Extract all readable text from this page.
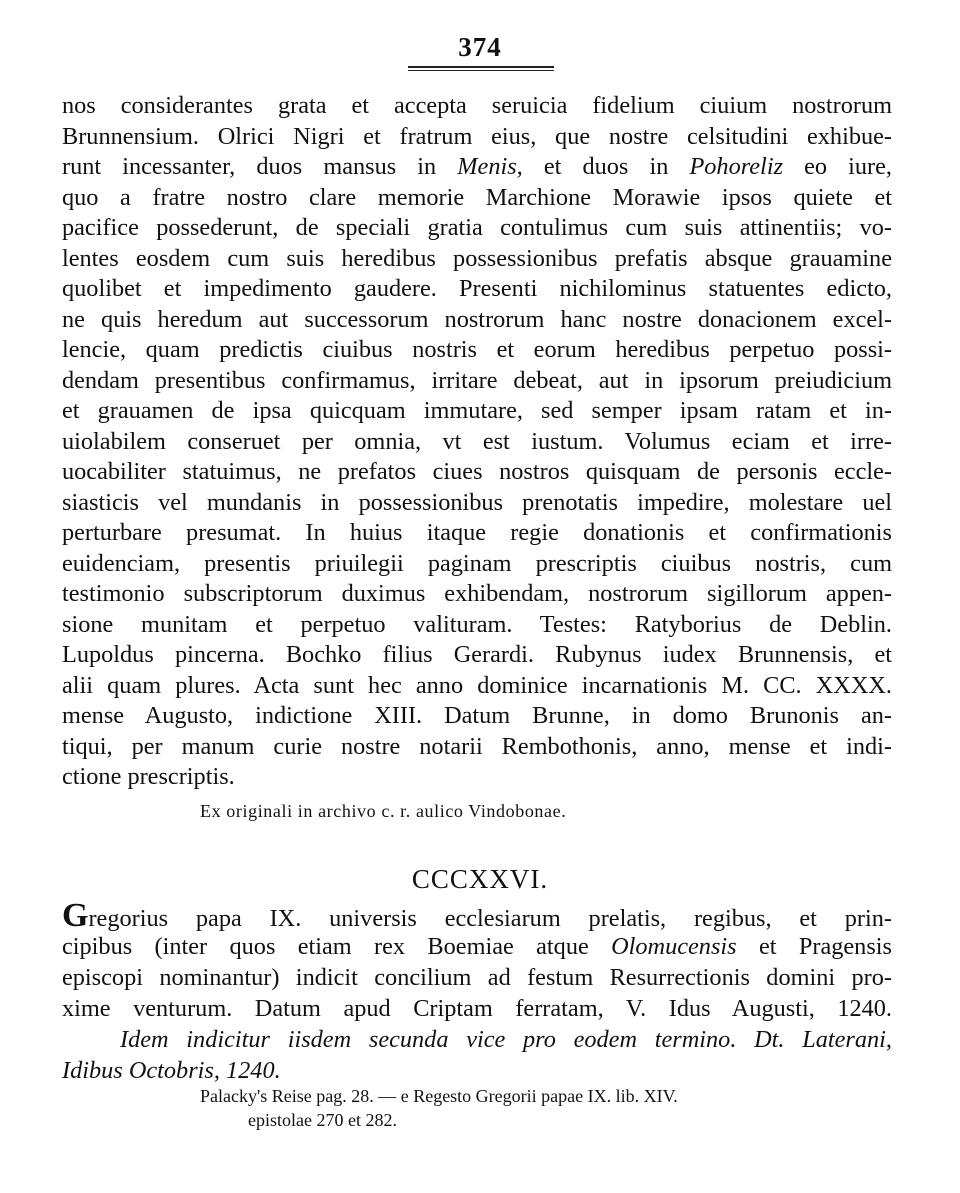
374
nos considerantes grata et accepta seruicia fidelium ciuium nostrorum
Brunnensium. Olrici Nigri et fratrum eius, que nostre celsitudini exhibue-
runt incessanter, duos mansus in Menis, et duos in Pohoreliz eo iure,
quo a fratre nostro clare memorie Marchione Morawie ipsos quiete et
pacifice possederunt, de speciali gratia contulimus cum suis attinentiis; vo-
lentes eosdem cum suis heredibus possessionibus prefatis absque grauamine
quolibet et impedimento gaudere. Presenti nichilominus statuentes edicto,
ne quis heredum aut successorum nostrorum hanc nostre donacionem excel-
lencie, quam predictis ciuibus nostris et eorum heredibus perpetuo possi-
dendam presentibus confirmamus, irritare debeat, aut in ipsorum preiudicium
et grauamen de ipsa quicquam immutare, sed semper ipsam ratam et in-
uiolabilem conseruet per omnia, vt est iustum. Volumus eciam et irre-
uocabiliter statuimus, ne prefatos ciues nostros quisquam de personis eccle-
siasticis vel mundanis in possessionibus prenotatis impedire, molestare uel
perturbare presumat. In huius itaque regie donationis et confirmationis
euidenciam, presentis priuilegii paginam prescriptis ciuibus nostris, cum
testimonio subscriptorum duximus exhibendam, nostrorum sigillorum appen-
sione munitam et perpetuo valituram. Testes: Ratyborius de Deblin.
Lupoldus pincerna. Bochko filius Gerardi. Rubynus iudex Brunnensis, et
alii quam plures. Acta sunt hec anno dominice incarnationis M. CC. XXXX.
mense Augusto, indictione XIII. Datum Brunne, in domo Brunonis an-
tiqui, per manum curie nostre notarii Rembothonis, anno, mense et indi-
ctione prescriptis.
Ex originali in archivo c. r. aulico Vindobonae.
CCCXXVI.
Gregorius papa IX. universis ecclesiarum prelatis, regibus, et prin-
cipibus (inter quos etiam rex Boemiae atque Olomucensis et Pragensis
episcopi nominantur) indicit concilium ad festum Resurrectionis domini pro-
xime venturum. Datum apud Criptam ferratam, V. Idus Augusti, 1240.
Idem indicitur iisdem secunda vice pro eodem termino. Dt. Laterani,
Idibus Octobris, 1240.
Palacky's Reise pag. 28. — e Regesto Gregorii papae IX. lib. XIV.
epistolae 270 et 282.
